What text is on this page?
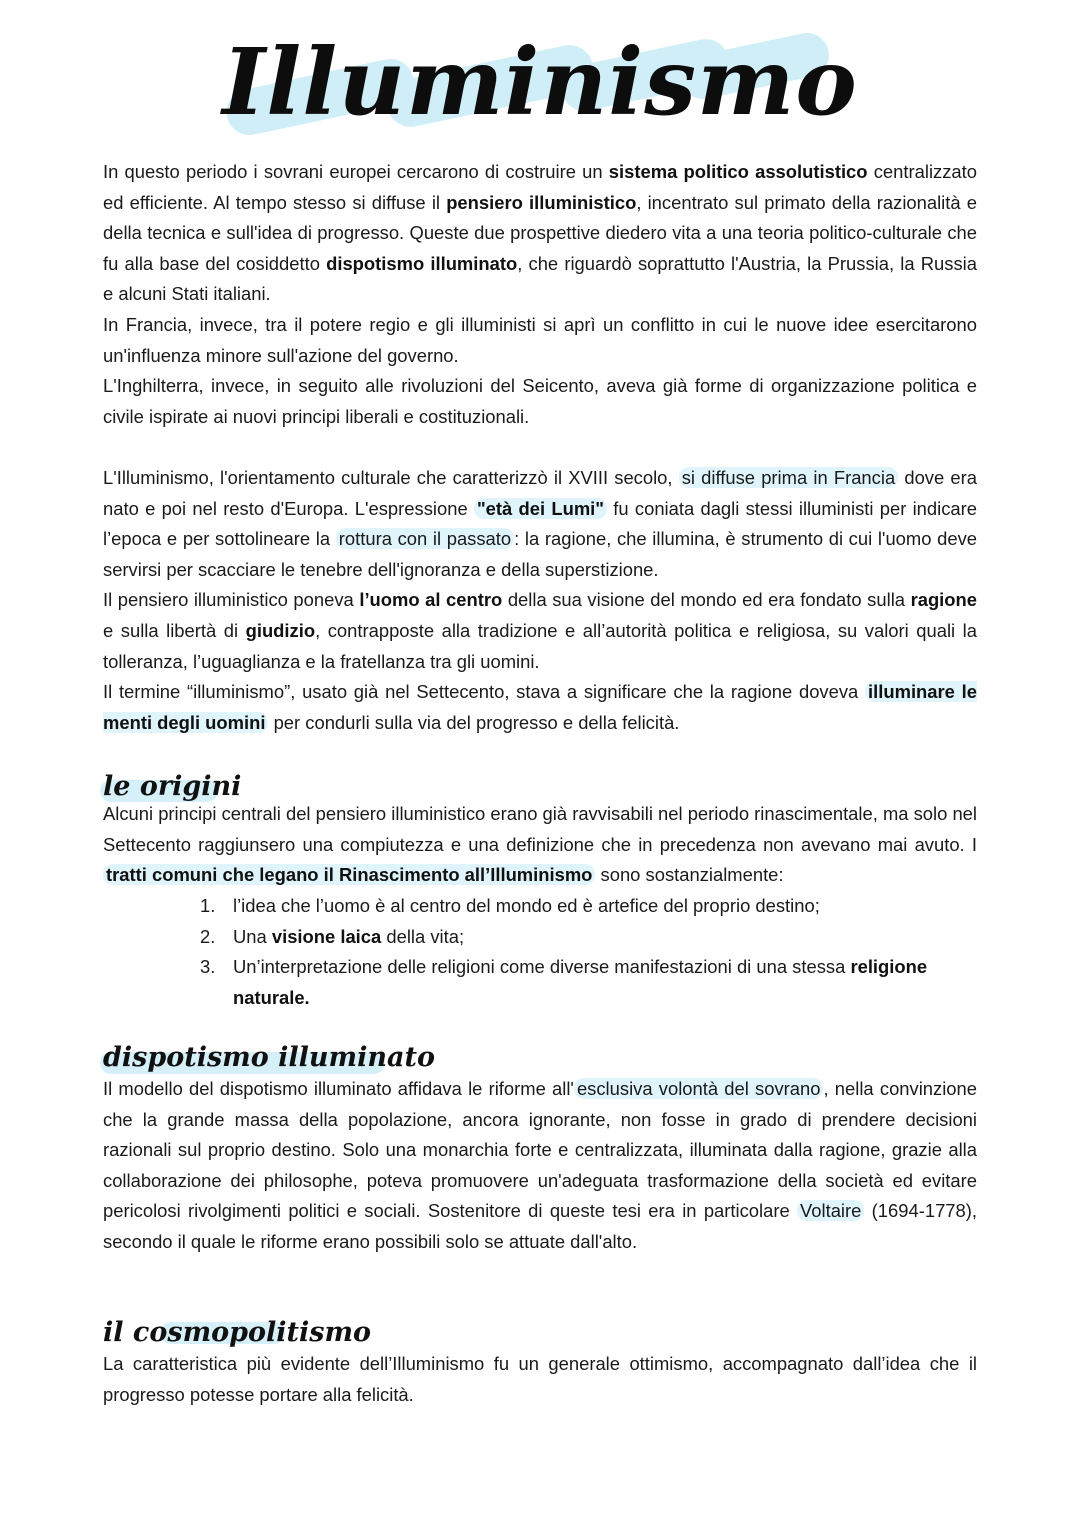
Illuminismo

In questo periodo i sovrani europei cercarono di costruire un sistema politico assolutistico centralizzato ed efficiente. Al tempo stesso si diffuse il pensiero illuministico, incentrato sul primato della razionalità e della tecnica e sull'idea di progresso. Queste due prospettive diedero vita a una teoria politico-culturale che fu alla base del cosiddetto dispotismo illuminato, che riguardò soprattutto l'Austria, la Prussia, la Russia e alcuni Stati italiani.

In Francia, invece, tra il potere regio e gli illuministi si aprì un conflitto in cui le nuove idee esercitarono un'influenza minore sull'azione del governo.

L'Inghilterra, invece, in seguito alle rivoluzioni del Seicento, aveva già forme di organizzazione politica e civile ispirate ai nuovi principi liberali e costituzionali.

L'Illuminismo, l'orientamento culturale che caratterizzò il XVIII secolo, si diffuse prima in Francia dove era nato e poi nel resto d'Europa. L'espressione "età dei Lumi" fu coniata dagli stessi illuministi per indicare l’epoca e per sottolineare la rottura con il passato : la ragione, che illumina, è strumento di cui l'uomo deve servirsi per scacciare le tenebre dell'ignoranza e della superstizione.

Il pensiero illuministico poneva l’uomo al centro della sua visione del mondo ed era fondato sulla ragione e sulla libertà di giudizio, contrapposte alla tradizione e all’autorità politica e religiosa, su valori quali la tolleranza, l’uguaglianza e la fratellanza tra gli uomini.

Il termine “illuminismo”, usato già nel Settecento, stava a significare che la ragione doveva illuminare le menti degli uomini per condurli sulla via del progresso e della felicità.

le origini

Alcuni principi centrali del pensiero illuministico erano già ravvisabili nel periodo rinascimentale, ma solo nel Settecento raggiunsero una compiutezza e una definizione che in precedenza non avevano mai avuto. I tratti comuni che legano il Rinascimento all’Illuminismo sono sostanzialmente:

1. l’idea che l’uomo è al centro del mondo ed è artefice del proprio destino;
2. Una visione laica della vita;
3. Un’interpretazione delle religioni come diverse manifestazioni di una stessa religione naturale.
dispotismo illuminato

Il modello del dispotismo illuminato affidava le riforme all' esclusiva volontà del sovrano , nella convinzione che la grande massa della popolazione, ancora ignorante, non fosse in grado di prendere decisioni razionali sul proprio destino. Solo una monarchia forte e centralizzata, illuminata dalla ragione, grazie alla collaborazione dei philosophe, poteva promuovere un'adeguata trasformazione della società ed evitare pericolosi rivolgimenti politici e sociali. Sostenitore di queste tesi era in particolare Voltaire (1694-1778), secondo il quale le riforme erano possibili solo se attuate dall'alto.

il cosmopolitismo

La caratteristica più evidente dell’Illuminismo fu un generale ottimismo, accompagnato dall’idea che il progresso potesse portare alla felicità.
